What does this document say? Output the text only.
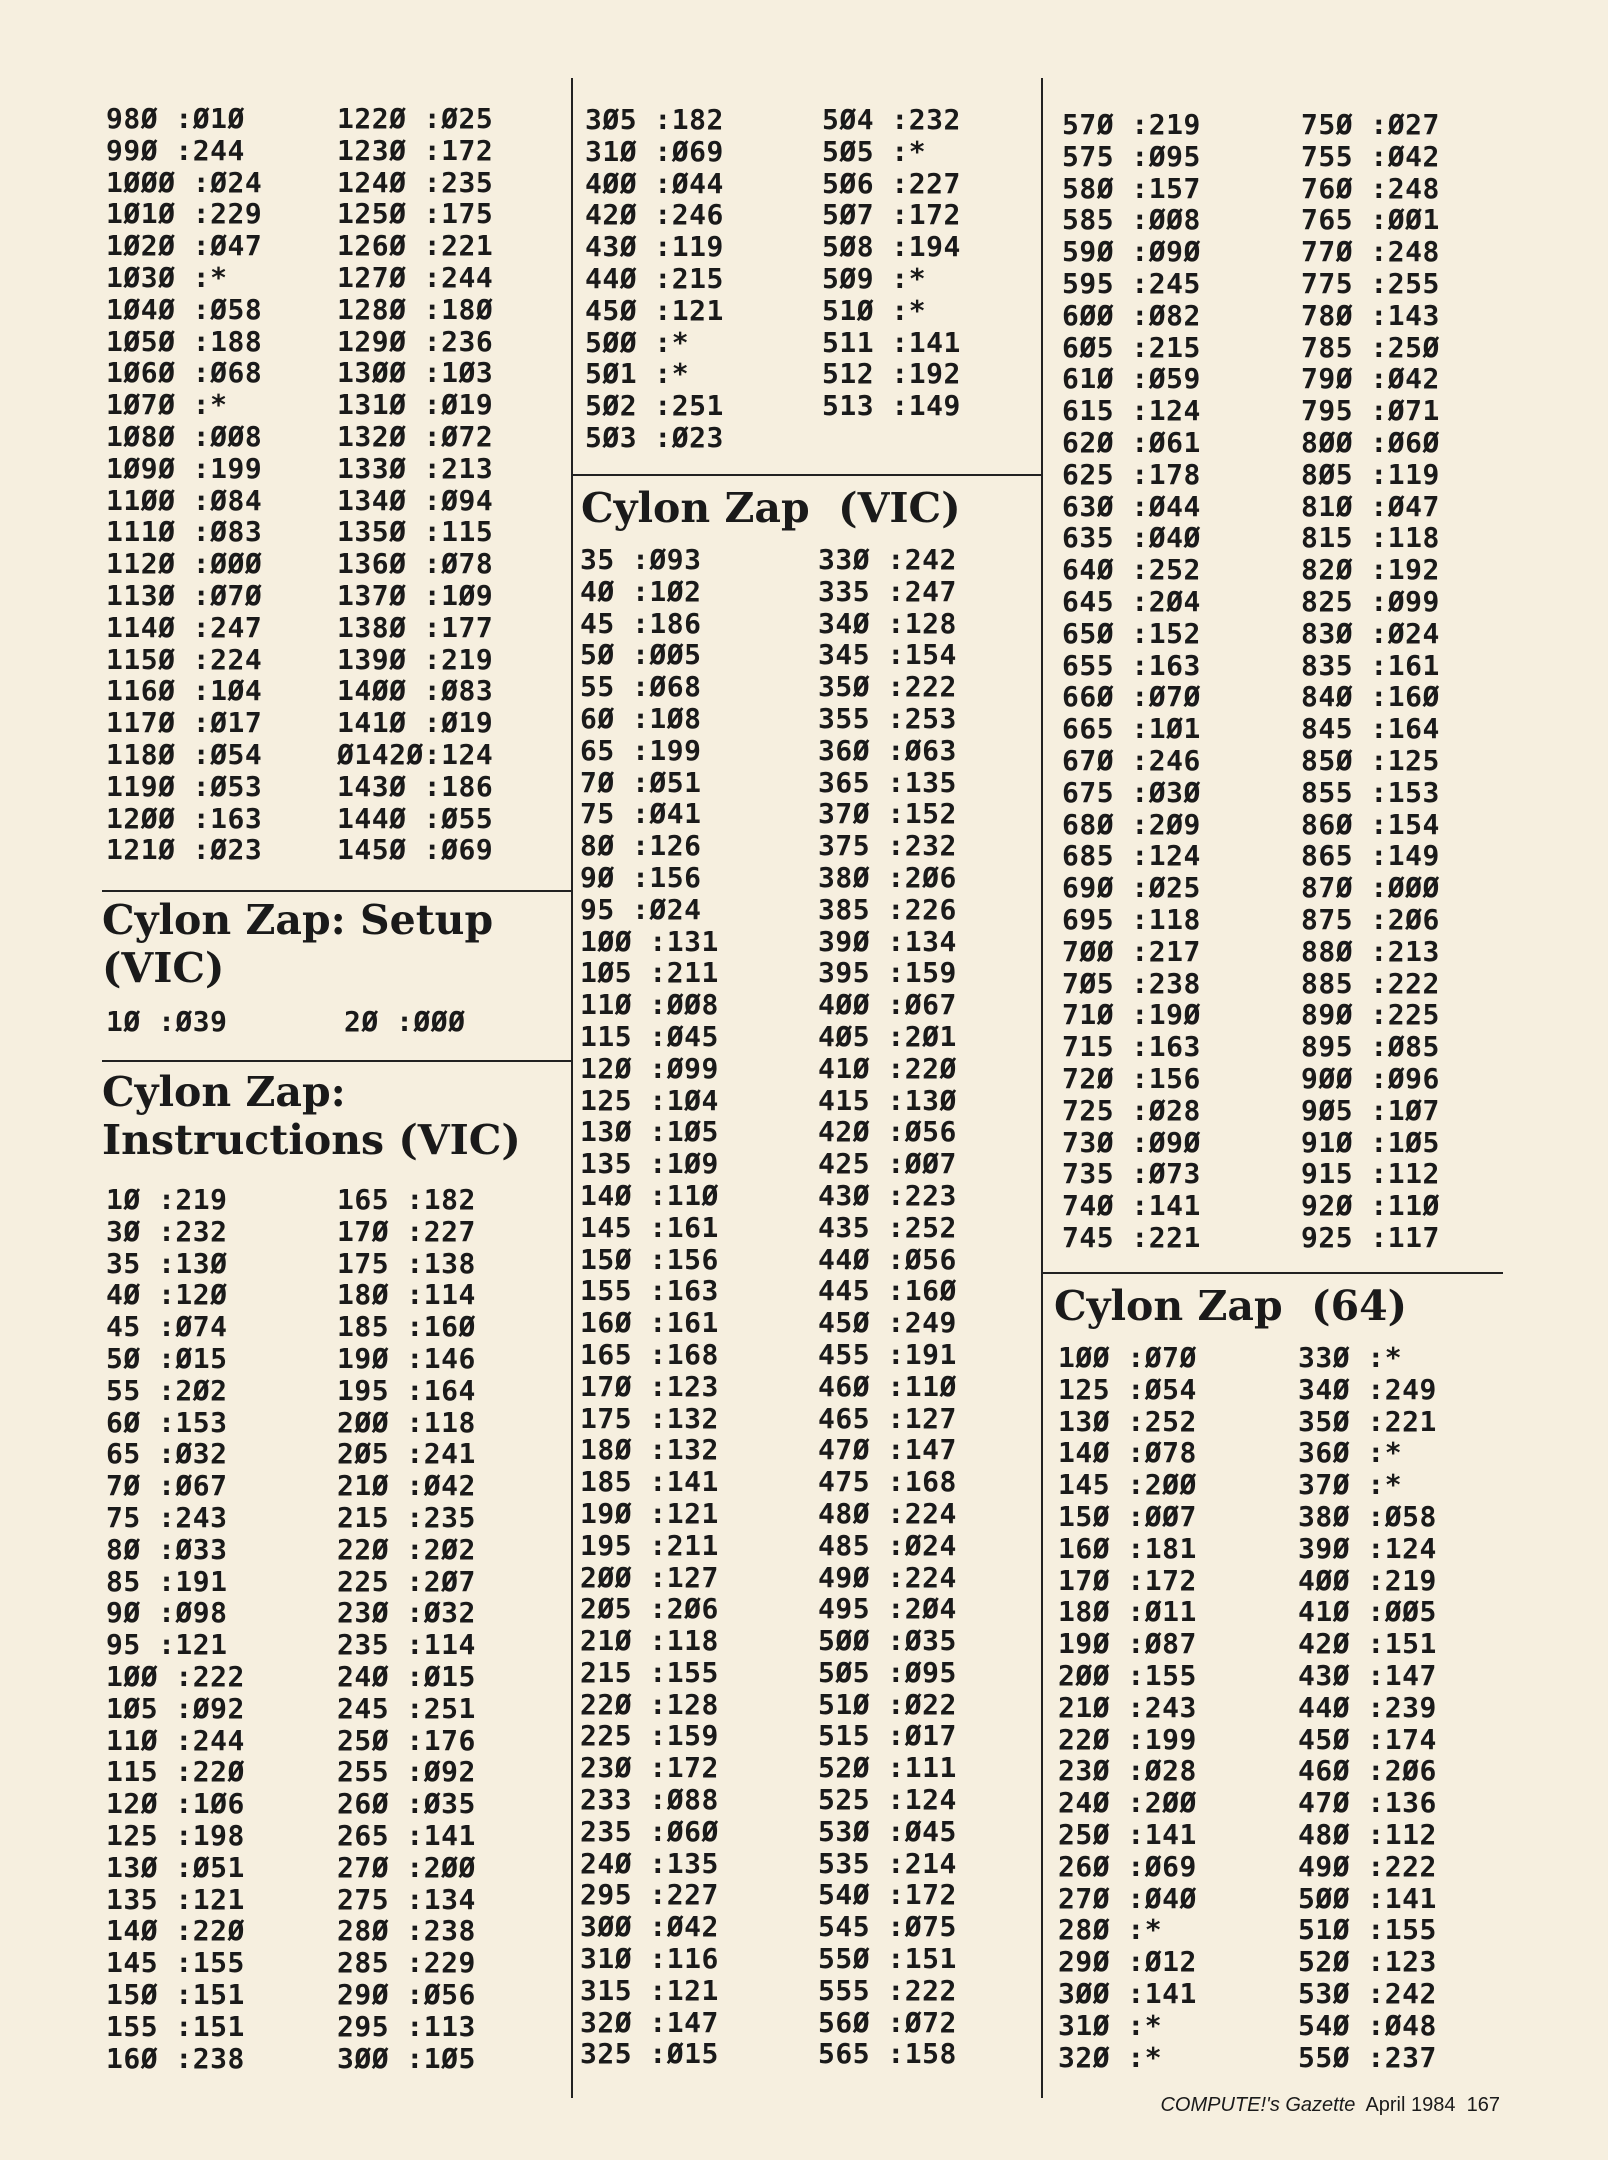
98Ø :Ø1Ø
99Ø :244
1ØØØ :Ø24
1Ø1Ø :229
1Ø2Ø :Ø47
1Ø3Ø :*
1Ø4Ø :Ø58
1Ø5Ø :188
1Ø6Ø :Ø68
1Ø7Ø :*
1Ø8Ø :ØØ8
1Ø9Ø :199
11ØØ :Ø84
111Ø :Ø83
112Ø :ØØØ
113Ø :Ø7Ø
114Ø :247
115Ø :224
116Ø :1Ø4
117Ø :Ø17
118Ø :Ø54
119Ø :Ø53
12ØØ :163
121Ø :Ø23
122Ø :Ø25
123Ø :172
124Ø :235
125Ø :175
126Ø :221
127Ø :244
128Ø :18Ø
129Ø :236
13ØØ :1Ø3
131Ø :Ø19
132Ø :Ø72
133Ø :213
134Ø :Ø94
135Ø :115
136Ø :Ø78
137Ø :1Ø9
138Ø :177
139Ø :219
14ØØ :Ø83
141Ø :Ø19
Ø142Ø:124
143Ø :186
144Ø :Ø55
145Ø :Ø69
Cylon Zap: Setup
(VIC)
1Ø :Ø39	2Ø :ØØØ
Cylon Zap:
Instructions (VIC)
1Ø :219
3Ø :232
35 :13Ø
4Ø :12Ø
45 :Ø74
5Ø :Ø15
55 :2Ø2
6Ø :153
65 :Ø32
7Ø :Ø67
75 :243
8Ø :Ø33
85 :191
9Ø :Ø98
95 :121
1ØØ :222
1Ø5 :Ø92
11Ø :244
115 :22Ø
12Ø :1Ø6
125 :198
13Ø :Ø51
135 :121
14Ø :22Ø
145 :155
15Ø :151
155 :151
16Ø :238
165 :182
17Ø :227
175 :138
18Ø :114
185 :16Ø
19Ø :146
195 :164
2ØØ :118
2Ø5 :241
21Ø :Ø42
215 :235
22Ø :2Ø2
225 :2Ø7
23Ø :Ø32
235 :114
24Ø :Ø15
245 :251
25Ø :176
255 :Ø92
26Ø :Ø35
265 :141
27Ø :2ØØ
275 :134
28Ø :238
285 :229
29Ø :Ø56
295 :113
3ØØ :1Ø5
3Ø5 :182
31Ø :Ø69
4ØØ :Ø44
42Ø :246
43Ø :119
44Ø :215
45Ø :121
5ØØ :*
5Ø1 :*
5Ø2 :251
5Ø3 :Ø23
5Ø4 :232
5Ø5 :*
5Ø6 :227
5Ø7 :172
5Ø8 :194
5Ø9 :*
51Ø :*
511 :141
512 :192
513 :149
Cylon Zap  (VIC)
35 :Ø93
4Ø :1Ø2
45 :186
5Ø :ØØ5
55 :Ø68
6Ø :1Ø8
65 :199
7Ø :Ø51
75 :Ø41
8Ø :126
9Ø :156
95 :Ø24
1ØØ :131
1Ø5 :211
11Ø :ØØ8
115 :Ø45
12Ø :Ø99
125 :1Ø4
13Ø :1Ø5
135 :1Ø9
14Ø :11Ø
145 :161
15Ø :156
155 :163
16Ø :161
165 :168
17Ø :123
175 :132
18Ø :132
185 :141
19Ø :121
195 :211
2ØØ :127
2Ø5 :2Ø6
21Ø :118
215 :155
22Ø :128
225 :159
23Ø :172
233 :Ø88
235 :Ø6Ø
24Ø :135
295 :227
3ØØ :Ø42
31Ø :116
315 :121
32Ø :147
325 :Ø15
33Ø :242
335 :247
34Ø :128
345 :154
35Ø :222
355 :253
36Ø :Ø63
365 :135
37Ø :152
375 :232
38Ø :2Ø6
385 :226
39Ø :134
395 :159
4ØØ :Ø67
4Ø5 :2Ø1
41Ø :22Ø
415 :13Ø
42Ø :Ø56
425 :ØØ7
43Ø :223
435 :252
44Ø :Ø56
445 :16Ø
45Ø :249
455 :191
46Ø :11Ø
465 :127
47Ø :147
475 :168
48Ø :224
485 :Ø24
49Ø :224
495 :2Ø4
5ØØ :Ø35
5Ø5 :Ø95
51Ø :Ø22
515 :Ø17
52Ø :111
525 :124
53Ø :Ø45
535 :214
54Ø :172
545 :Ø75
55Ø :151
555 :222
56Ø :Ø72
565 :158
57Ø :219
575 :Ø95
58Ø :157
585 :ØØ8
59Ø :Ø9Ø
595 :245
6ØØ :Ø82
6Ø5 :215
61Ø :Ø59
615 :124
62Ø :Ø61
625 :178
63Ø :Ø44
635 :Ø4Ø
64Ø :252
645 :2Ø4
65Ø :152
655 :163
66Ø :Ø7Ø
665 :1Ø1
67Ø :246
675 :Ø3Ø
68Ø :2Ø9
685 :124
69Ø :Ø25
695 :118
7ØØ :217
7Ø5 :238
71Ø :19Ø
715 :163
72Ø :156
725 :Ø28
73Ø :Ø9Ø
735 :Ø73
74Ø :141
745 :221
75Ø :Ø27
755 :Ø42
76Ø :248
765 :ØØ1
77Ø :248
775 :255
78Ø :143
785 :25Ø
79Ø :Ø42
795 :Ø71
8ØØ :Ø6Ø
8Ø5 :119
81Ø :Ø47
815 :118
82Ø :192
825 :Ø99
83Ø :Ø24
835 :161
84Ø :16Ø
845 :164
85Ø :125
855 :153
86Ø :154
865 :149
87Ø :ØØØ
875 :2Ø6
88Ø :213
885 :222
89Ø :225
895 :Ø85
9ØØ :Ø96
9Ø5 :1Ø7
91Ø :1Ø5
915 :112
92Ø :11Ø
925 :117
Cylon Zap  (64)
1ØØ :Ø7Ø
125 :Ø54
13Ø :252
14Ø :Ø78
145 :2ØØ
15Ø :ØØ7
16Ø :181
17Ø :172
18Ø :Ø11
19Ø :Ø87
2ØØ :155
21Ø :243
22Ø :199
23Ø :Ø28
24Ø :2ØØ
25Ø :141
26Ø :Ø69
27Ø :Ø4Ø
28Ø :*
29Ø :Ø12
3ØØ :141
31Ø :*
32Ø :*
33Ø :*
34Ø :249
35Ø :221
36Ø :*
37Ø :*
38Ø :Ø58
39Ø :124
4ØØ :219
41Ø :ØØ5
42Ø :151
43Ø :147
44Ø :239
45Ø :174
46Ø :2Ø6
47Ø :136
48Ø :112
49Ø :222
5ØØ :141
51Ø :155
52Ø :123
53Ø :242
54Ø :Ø48
55Ø :237
COMPUTE!'s Gazette April 1984 167
